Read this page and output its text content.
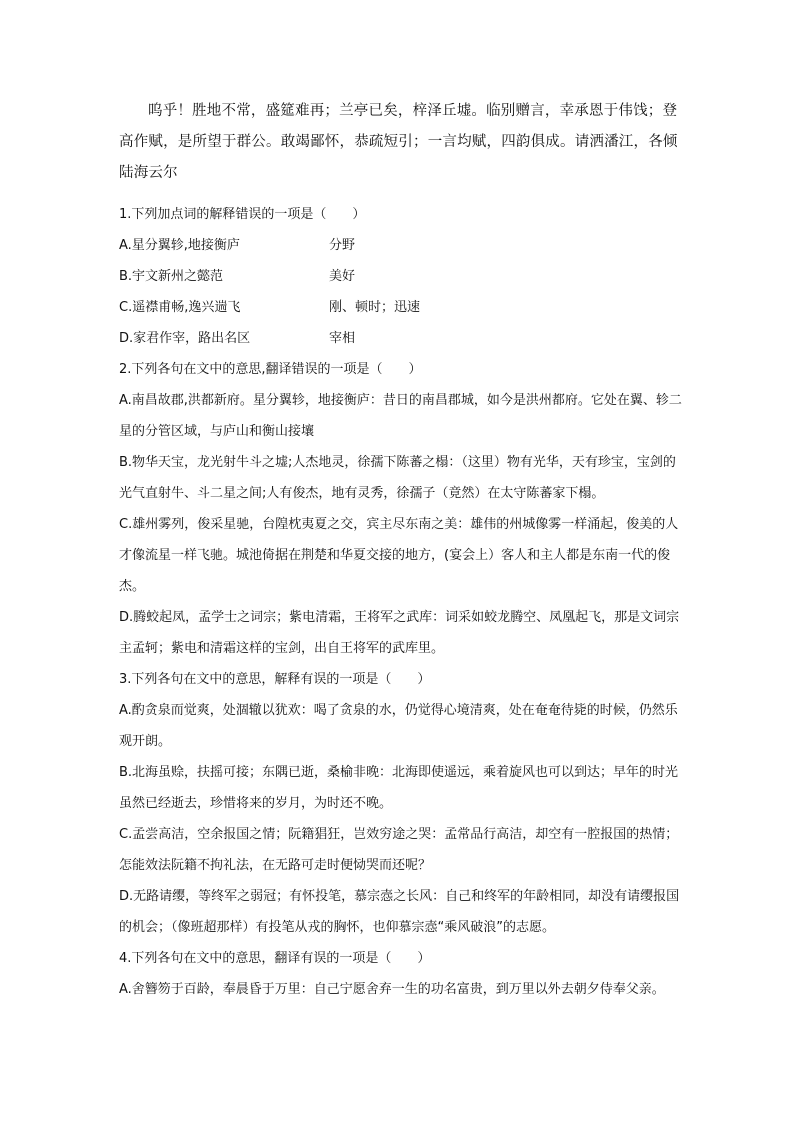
呜乎！胜地不常，盛筵难再；兰亭已矣，梓泽丘墟。临别赠言，幸承恩于伟饯；登高作赋，是所望于群公。敢竭鄙怀，恭疏短引；一言均赋，四韵俱成。请洒潘江，各倾陆海云尔

1.下列加点词的解释错误的一项是（　　）

A.星分翼轸,地接衡庐	分野
B.宇文新州之懿范	美好
C.遥襟甫畅,逸兴遄飞	刚、顿时；迅速
D.家君作宰，路出名区	宰相

2.下列各句在文中的意思,翻译错误的一项是（　　）

A.南昌故郡,洪都新府。星分翼轸，地接衡庐：昔日的南昌郡城，如今是洪州都府。它处在翼、轸二星的分管区域，与庐山和衡山接壤

B.物华天宝，龙光射牛斗之墟;人杰地灵，徐孺下陈蕃之榻：（这里）物有光华，天有珍宝，宝剑的光气直射牛、斗二星之间;人有俊杰，地有灵秀，徐孺子（竟然）在太守陈蕃家下榻。

C.雄州雾列，俊采星驰，台隍枕夷夏之交，宾主尽东南之美：雄伟的州城像雾一样涌起，俊美的人才像流星一样飞驰。城池倚据在荆楚和华夏交接的地方，(宴会上）客人和主人都是东南一代的俊杰。

D.腾蛟起凤，孟学士之词宗；紫电清霜，王将军之武库：词采如蛟龙腾空、凤凰起飞，那是文词宗主孟轲；紫电和清霜这样的宝剑，出自王将军的武库里。

3.下列各句在文中的意思，解释有误的一项是（　　）

A.酌贪泉而觉爽，处涸辙以犹欢：喝了贪泉的水，仍觉得心境清爽，处在奄奄待毙的时候，仍然乐观开朗。

B.北海虽赊，扶摇可接；东隅已逝，桑榆非晚：北海即使遥远，乘着旋风也可以到达；早年的时光虽然已经逝去，珍惜将来的岁月，为时还不晚。

C.孟尝高洁，空余报国之情；阮籍猖狂，岂效穷途之哭：孟常品行高洁，却空有一腔报国的热情；怎能效法阮籍不拘礼法，在无路可走时便恸哭而还呢？

D.无路请缨，等终军之弱冠；有怀投笔，慕宗悫之长风：自己和终军的年龄相同，却没有请缨报国的机会；（像班超那样）有投笔从戎的胸怀，也仰慕宗悫“乘风破浪”的志愿。

4.下列各句在文中的意思，翻译有误的一项是（　　）

A.舍簪笏于百龄，奉晨昏于万里：自己宁愿舍弃一生的功名富贵，到万里以外去朝夕侍奉父亲。
